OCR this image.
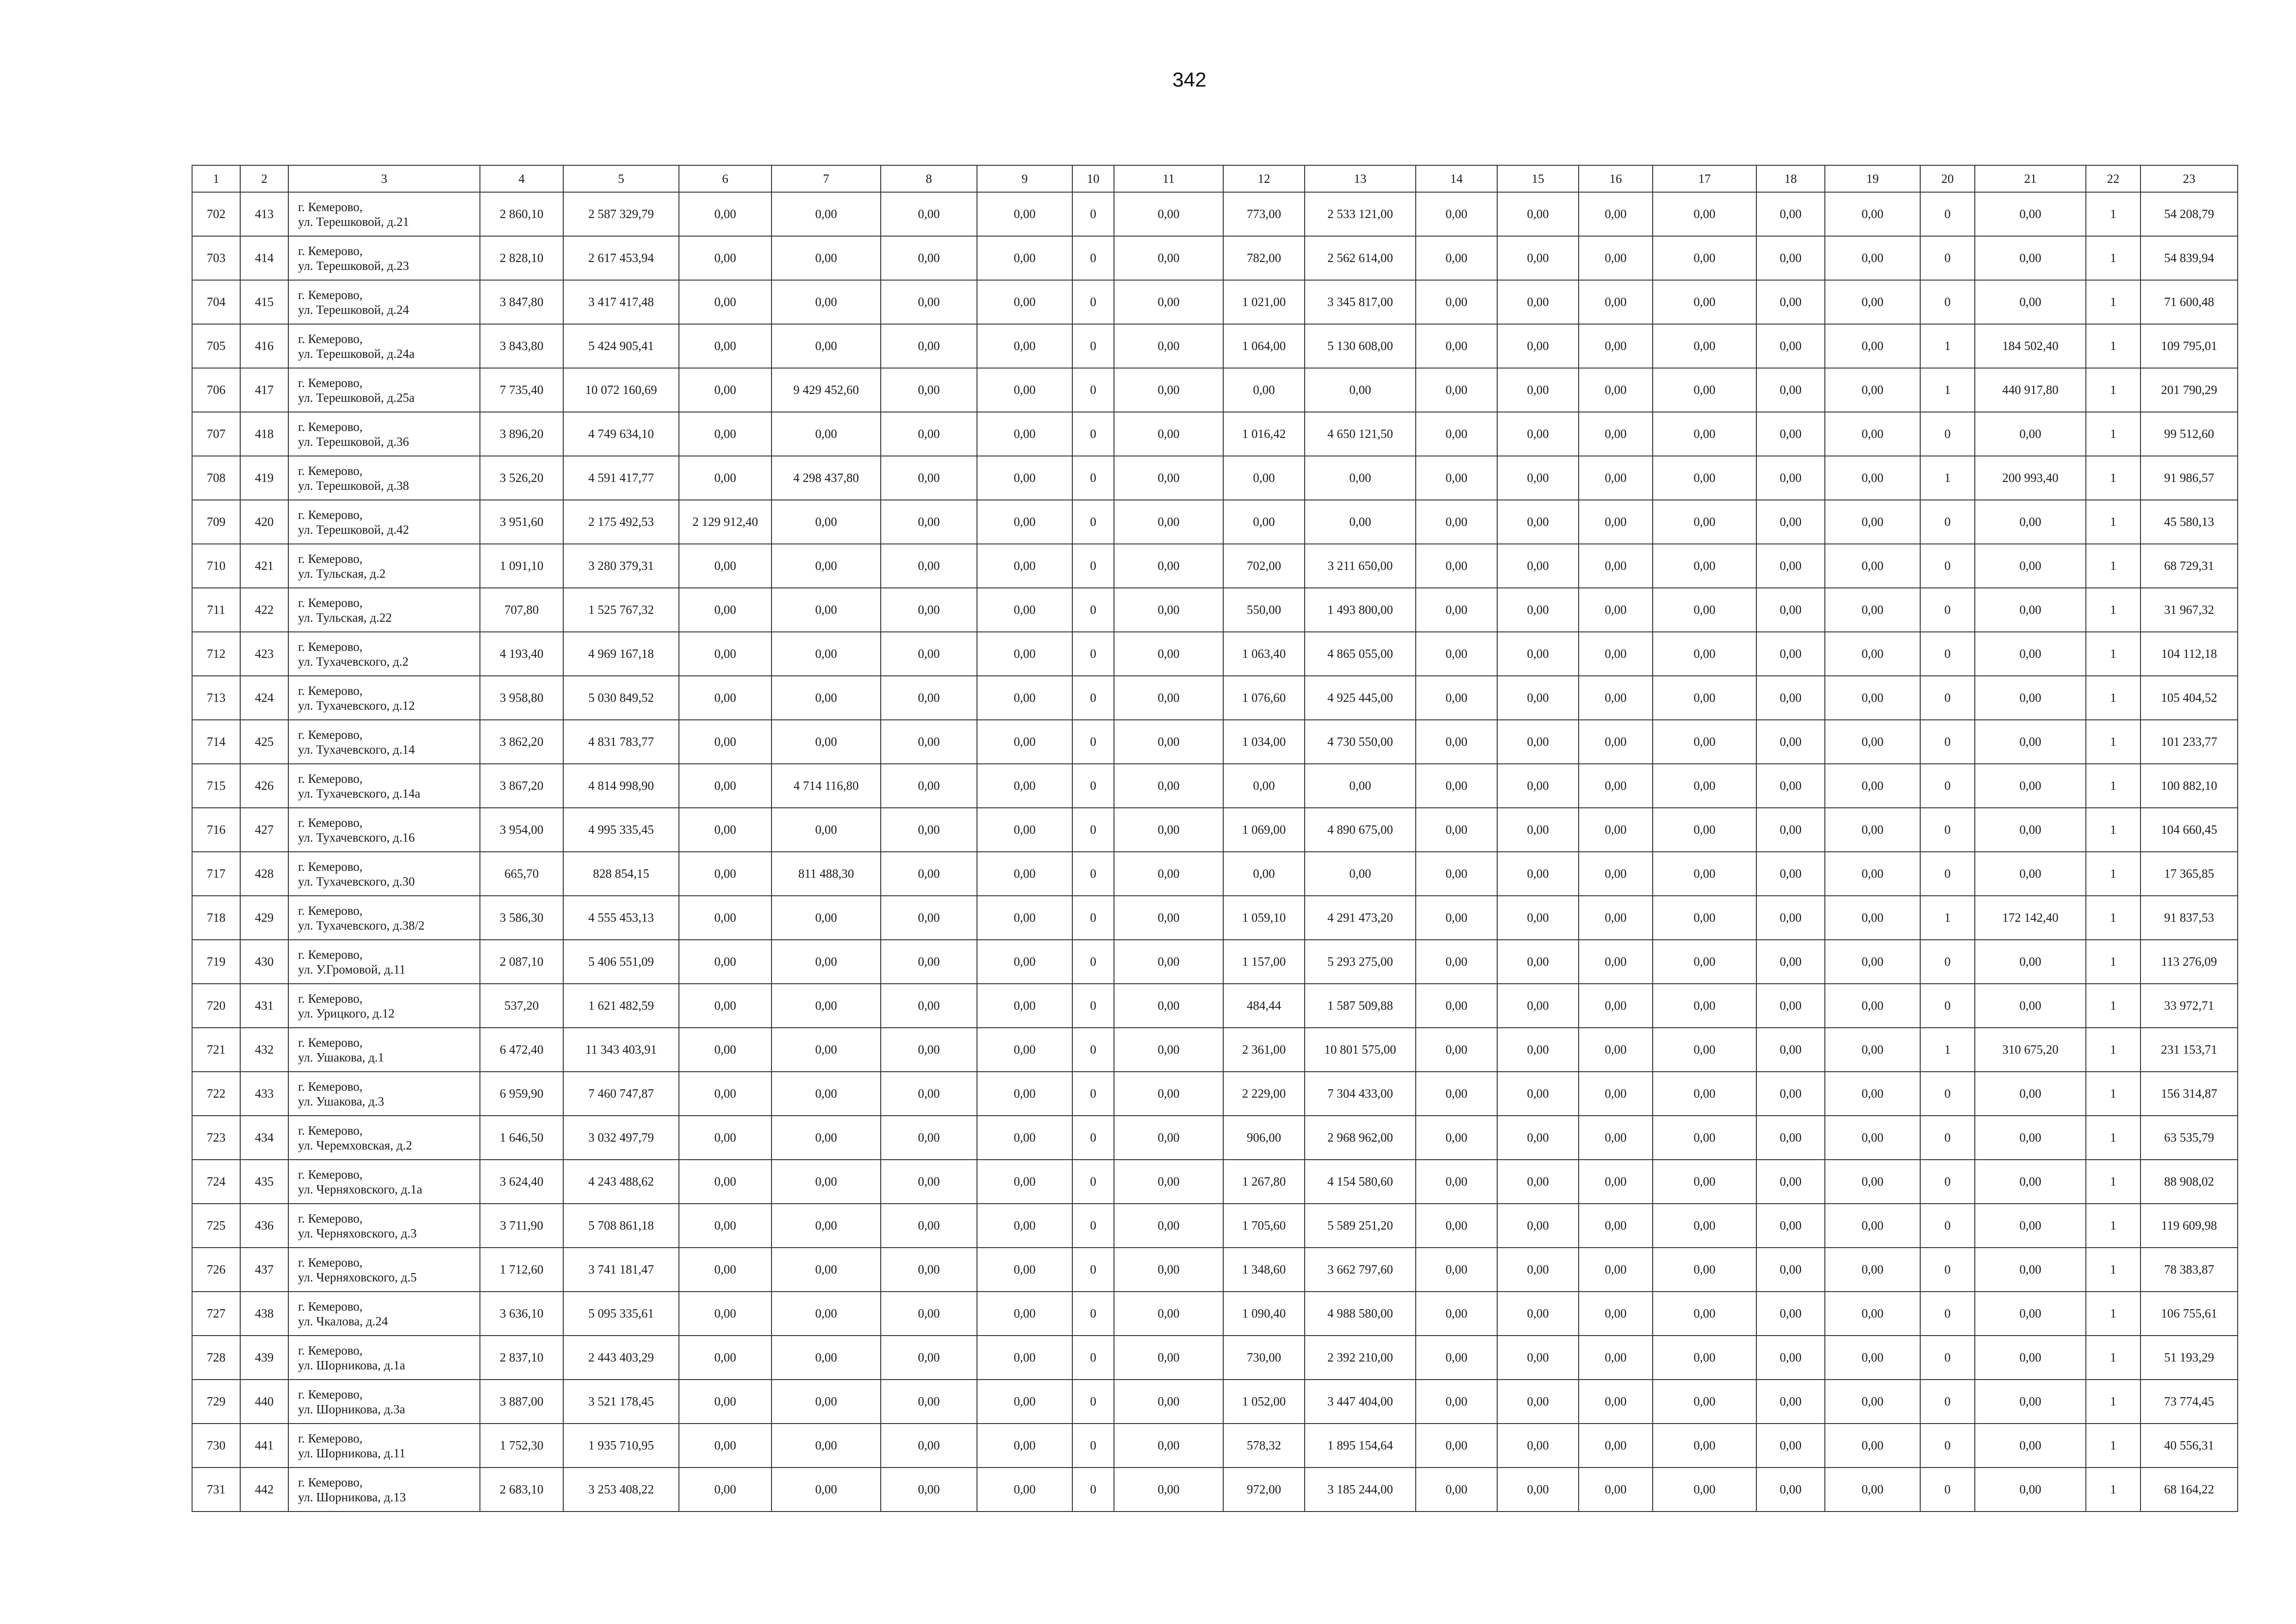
342
1	2	3	4	5	6	7	8	9	10	11	12	13	14	15	16	17	18	19	20	21	22	23
702	413	г. Кемерово,
ул. Терешковой, д.21	2 860,10	2 587 329,79	0,00	0,00	0,00	0,00	0	0,00	773,00	2 533 121,00	0,00	0,00	0,00	0,00	0,00	0,00	0	0,00	1	54 208,79
703	414	г. Кемерово,
ул. Терешковой, д.23	2 828,10	2 617 453,94	0,00	0,00	0,00	0,00	0	0,00	782,00	2 562 614,00	0,00	0,00	0,00	0,00	0,00	0,00	0	0,00	1	54 839,94
704	415	г. Кемерово,
ул. Терешковой, д.24	3 847,80	3 417 417,48	0,00	0,00	0,00	0,00	0	0,00	1 021,00	3 345 817,00	0,00	0,00	0,00	0,00	0,00	0,00	0	0,00	1	71 600,48
705	416	г. Кемерово,
ул. Терешковой, д.24а	3 843,80	5 424 905,41	0,00	0,00	0,00	0,00	0	0,00	1 064,00	5 130 608,00	0,00	0,00	0,00	0,00	0,00	0,00	1	184 502,40	1	109 795,01
706	417	г. Кемерово,
ул. Терешковой, д.25а	7 735,40	10 072 160,69	0,00	9 429 452,60	0,00	0,00	0	0,00	0,00	0,00	0,00	0,00	0,00	0,00	0,00	0,00	1	440 917,80	1	201 790,29
707	418	г. Кемерово,
ул. Терешковой, д.36	3 896,20	4 749 634,10	0,00	0,00	0,00	0,00	0	0,00	1 016,42	4 650 121,50	0,00	0,00	0,00	0,00	0,00	0,00	0	0,00	1	99 512,60
708	419	г. Кемерово,
ул. Терешковой, д.38	3 526,20	4 591 417,77	0,00	4 298 437,80	0,00	0,00	0	0,00	0,00	0,00	0,00	0,00	0,00	0,00	0,00	0,00	1	200 993,40	1	91 986,57
709	420	г. Кемерово,
ул. Терешковой, д.42	3 951,60	2 175 492,53	2 129 912,40	0,00	0,00	0,00	0	0,00	0,00	0,00	0,00	0,00	0,00	0,00	0,00	0,00	0	0,00	1	45 580,13
710	421	г. Кемерово,
ул. Тульская, д.2	1 091,10	3 280 379,31	0,00	0,00	0,00	0,00	0	0,00	702,00	3 211 650,00	0,00	0,00	0,00	0,00	0,00	0,00	0	0,00	1	68 729,31
711	422	г. Кемерово,
ул. Тульская, д.22	707,80	1 525 767,32	0,00	0,00	0,00	0,00	0	0,00	550,00	1 493 800,00	0,00	0,00	0,00	0,00	0,00	0,00	0	0,00	1	31 967,32
712	423	г. Кемерово,
ул. Тухачевского, д.2	4 193,40	4 969 167,18	0,00	0,00	0,00	0,00	0	0,00	1 063,40	4 865 055,00	0,00	0,00	0,00	0,00	0,00	0,00	0	0,00	1	104 112,18
713	424	г. Кемерово,
ул. Тухачевского, д.12	3 958,80	5 030 849,52	0,00	0,00	0,00	0,00	0	0,00	1 076,60	4 925 445,00	0,00	0,00	0,00	0,00	0,00	0,00	0	0,00	1	105 404,52
714	425	г. Кемерово,
ул. Тухачевского, д.14	3 862,20	4 831 783,77	0,00	0,00	0,00	0,00	0	0,00	1 034,00	4 730 550,00	0,00	0,00	0,00	0,00	0,00	0,00	0	0,00	1	101 233,77
715	426	г. Кемерово,
ул. Тухачевского, д.14а	3 867,20	4 814 998,90	0,00	4 714 116,80	0,00	0,00	0	0,00	0,00	0,00	0,00	0,00	0,00	0,00	0,00	0,00	0	0,00	1	100 882,10
716	427	г. Кемерово,
ул. Тухачевского, д.16	3 954,00	4 995 335,45	0,00	0,00	0,00	0,00	0	0,00	1 069,00	4 890 675,00	0,00	0,00	0,00	0,00	0,00	0,00	0	0,00	1	104 660,45
717	428	г. Кемерово,
ул. Тухачевского, д.30	665,70	828 854,15	0,00	811 488,30	0,00	0,00	0	0,00	0,00	0,00	0,00	0,00	0,00	0,00	0,00	0,00	0	0,00	1	17 365,85
718	429	г. Кемерово,
ул. Тухачевского, д.38/2	3 586,30	4 555 453,13	0,00	0,00	0,00	0,00	0	0,00	1 059,10	4 291 473,20	0,00	0,00	0,00	0,00	0,00	0,00	1	172 142,40	1	91 837,53
719	430	г. Кемерово,
ул. У.Громовой, д.11	2 087,10	5 406 551,09	0,00	0,00	0,00	0,00	0	0,00	1 157,00	5 293 275,00	0,00	0,00	0,00	0,00	0,00	0,00	0	0,00	1	113 276,09
720	431	г. Кемерово,
ул. Урицкого, д.12	537,20	1 621 482,59	0,00	0,00	0,00	0,00	0	0,00	484,44	1 587 509,88	0,00	0,00	0,00	0,00	0,00	0,00	0	0,00	1	33 972,71
721	432	г. Кемерово,
ул. Ушакова, д.1	6 472,40	11 343 403,91	0,00	0,00	0,00	0,00	0	0,00	2 361,00	10 801 575,00	0,00	0,00	0,00	0,00	0,00	0,00	1	310 675,20	1	231 153,71
722	433	г. Кемерово,
ул. Ушакова, д.3	6 959,90	7 460 747,87	0,00	0,00	0,00	0,00	0	0,00	2 229,00	7 304 433,00	0,00	0,00	0,00	0,00	0,00	0,00	0	0,00	1	156 314,87
723	434	г. Кемерово,
ул. Черемховская, д.2	1 646,50	3 032 497,79	0,00	0,00	0,00	0,00	0	0,00	906,00	2 968 962,00	0,00	0,00	0,00	0,00	0,00	0,00	0	0,00	1	63 535,79
724	435	г. Кемерово,
ул. Черняховского, д.1а	3 624,40	4 243 488,62	0,00	0,00	0,00	0,00	0	0,00	1 267,80	4 154 580,60	0,00	0,00	0,00	0,00	0,00	0,00	0	0,00	1	88 908,02
725	436	г. Кемерово,
ул. Черняховского, д.3	3 711,90	5 708 861,18	0,00	0,00	0,00	0,00	0	0,00	1 705,60	5 589 251,20	0,00	0,00	0,00	0,00	0,00	0,00	0	0,00	1	119 609,98
726	437	г. Кемерово,
ул. Черняховского, д.5	1 712,60	3 741 181,47	0,00	0,00	0,00	0,00	0	0,00	1 348,60	3 662 797,60	0,00	0,00	0,00	0,00	0,00	0,00	0	0,00	1	78 383,87
727	438	г. Кемерово,
ул. Чкалова, д.24	3 636,10	5 095 335,61	0,00	0,00	0,00	0,00	0	0,00	1 090,40	4 988 580,00	0,00	0,00	0,00	0,00	0,00	0,00	0	0,00	1	106 755,61
728	439	г. Кемерово,
ул. Шорникова, д.1а	2 837,10	2 443 403,29	0,00	0,00	0,00	0,00	0	0,00	730,00	2 392 210,00	0,00	0,00	0,00	0,00	0,00	0,00	0	0,00	1	51 193,29
729	440	г. Кемерово,
ул. Шорникова, д.3а	3 887,00	3 521 178,45	0,00	0,00	0,00	0,00	0	0,00	1 052,00	3 447 404,00	0,00	0,00	0,00	0,00	0,00	0,00	0	0,00	1	73 774,45
730	441	г. Кемерово,
ул. Шорникова, д.11	1 752,30	1 935 710,95	0,00	0,00	0,00	0,00	0	0,00	578,32	1 895 154,64	0,00	0,00	0,00	0,00	0,00	0,00	0	0,00	1	40 556,31
731	442	г. Кемерово,
ул. Шорникова, д.13	2 683,10	3 253 408,22	0,00	0,00	0,00	0,00	0	0,00	972,00	3 185 244,00	0,00	0,00	0,00	0,00	0,00	0,00	0	0,00	1	68 164,22
